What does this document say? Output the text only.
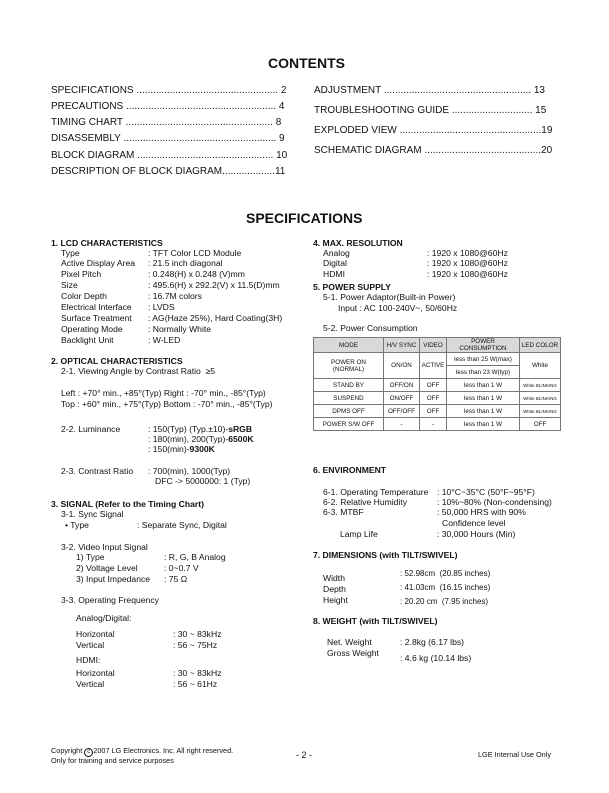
CONTENTS
SPECIFICATIONS ................................................... 2
PRECAUTIONS ...................................................... 4
TIMING CHART ..................................................... 8
DISASSEMBLY ....................................................... 9
BLOCK DIAGRAM ................................................. 10
DESCRIPTION OF BLOCK DIAGRAM...................11
ADJUSTMENT ..................................................... 13
TROUBLESHOOTING GUIDE ............................. 15
EXPLODED VIEW ...................................................19
SCHEMATIC DIAGRAM ..........................................20
SPECIFICATIONS
1. LCD CHARACTERISTICS
Type	: TFT Color LCD Module
Active Display Area : 21.5 inch diagonal
Pixel Pitch	: 0.248(H) x 0.248 (V)mm
Size	: 495.6(H) x 292.2(V) x 11.5(D)mm
Color Depth	: 16.7M colors
Electrical Interface : LVDS
Surface Treatment : AG(Haze 25%), Hard Coating(3H)
Operating Mode	: Normally White
Backlight Unit	: W-LED
2. OPTICAL CHARACTERISTICS
2-1. Viewing Angle by Contrast Ratio ≥5
Left : +70° min., +85°(Typ) Right : -70° min., -85°(Typ)
Top : +60° min., +75°(Typ) Bottom : -70° min., -85°(Typ)
2-2. Luminance	: 150(Typ) (Typ.±10)-sRGB
: 180(min), 200(Typ)-6500K
: 150(min)-9300K
2-3. Contrast Ratio : 700(min), 1000(Typ)
DFC -> 5000000: 1 (Typ)
3. SIGNAL (Refer to the Timing Chart)
3-1. Sync Signal
• Type	: Separate Sync, Digital
3-2. Video Input Signal
1) Type	: R, G, B Analog
2) Voltage Level	: 0~0.7 V
3) Input Impedance : 75 Ω
3-3. Operating Frequency
Analog/Digital:
Horizontal	: 30 ~ 83kHz
Vertical	: 56 ~ 75Hz
HDMI:
Horizontal	: 30 ~ 83kHz
Vertical	: 56 ~ 61Hz
4. MAX. RESOLUTION
Analog	: 1920 x 1080@60Hz
Digital	: 1920 x 1080@60Hz
HDMI	: 1920 x 1080@60Hz
5. POWER SUPPLY
5-1. Power Adaptor(Built-in Power)
Input : AC 100-240V~, 50/60Hz
5-2. Power Consumption
MODE	H/V SYNC	VIDEO	POWER CONSUMPTION	LED COLOR
POWER ON (NORMAL)	ON/ON	ACTIVE	less than 25 W(max)	White
			less than 23 W(typ)	
STAND BY	OFF/ON	OFF	less than 1 W	White BLINKING
SUSPEND	ON/OFF	OFF	less than 1 W	White BLINKING
DPMS OFF	OFF/OFF	OFF	less than 1 W	White BLINKING
POWER S/W OFF	-	-	less than 1 W	OFF
6. ENVIRONMENT
6-1. Operating Temperature : 10°C~35°C (50°F~95°F)
6-2. Relative Humidity	: 10%~80% (Non-condensing)
6-3. MTBF	: 50,000 HRS with 90%
Confidence level
Lamp Life	: 30,000 Hours (Min)
7. DIMENSIONS (with TILT/SWIVEL)
Width	: 52.98cm (20.85 inches)
Depth	: 41.03cm (16.15 inches)
Height	: 20.20 cm (7.95 inches)
8. WEIGHT (with TILT/SWIVEL)
Net. Weight	: 2.8kg (6.17 lbs)
Gross Weight : 4.6 kg (10.14 lbs)
Copyright c 2007 LG Electronics. Inc. All right reserved.
Only for training and service purposes
- 2 -	LGE Internal Use Only
